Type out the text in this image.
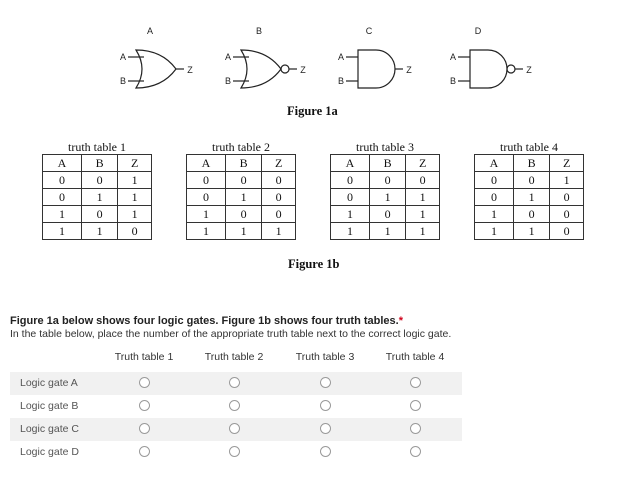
A
A
B
Z
B
A
B
Z
C
A
B
Z
D
A
B
Z
Figure 1a
truth table 1
A	B	Z
0	0	1
0	1	1
1	0	1
1	1	0
truth table 2
A	B	Z
0	0	0
0	1	0
1	0	0
1	1	1
truth table 3
A	B	Z
0	0	0
0	1	1
1	0	1
1	1	1
truth table 4
A	B	Z
0	0	1
0	1	0
1	0	0
1	1	0
Figure 1b
Figure 1a below shows four logic gates. Figure 1b shows four truth tables.*
In the table below, place the number of the appropriate truth table next to the correct logic gate.
Truth table 1	Truth table 2	Truth table 3	Truth table 4
Logic gate A
Logic gate B
Logic gate C
Logic gate D
